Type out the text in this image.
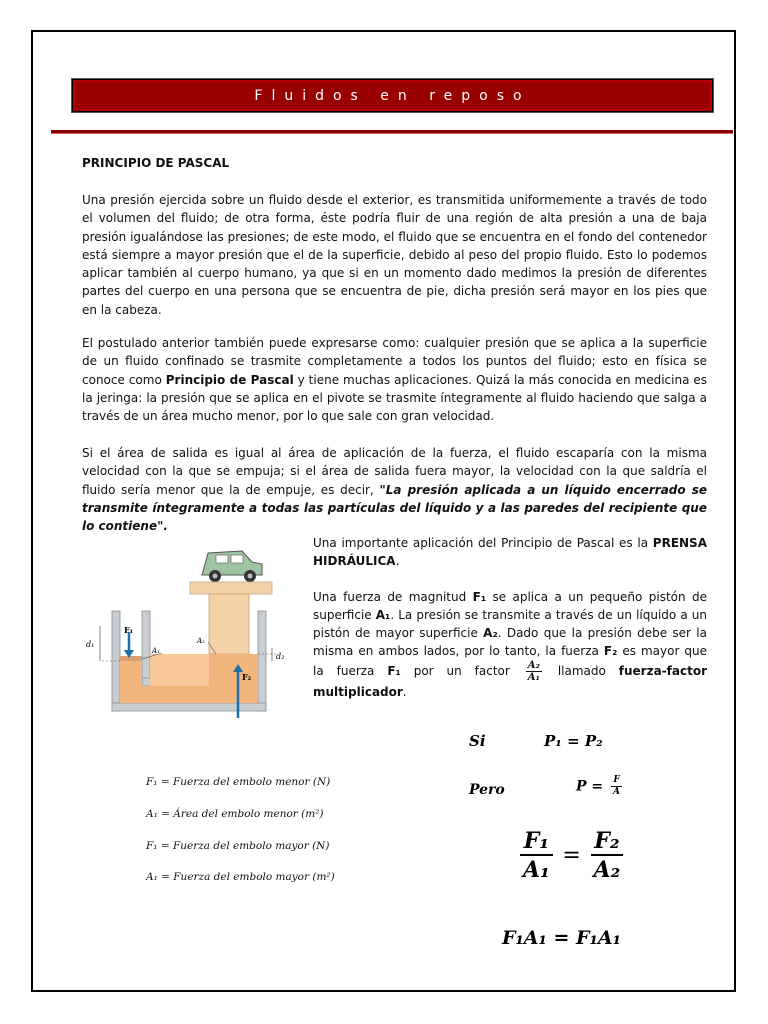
Fluidos en reposo
PRINCIPIO DE PASCAL

Una presión ejercida sobre un fluido desde el exterior, es transmitida uniformemente a través de todo el volumen del fluido; de otra forma, éste podría fluir de una región de alta presión a una de baja presión igualándose las presiones; de este modo, el fluido que se encuentra en el fondo del contenedor está siempre a mayor presión que el de la superficie, debido al peso del propio fluido. Esto lo podemos aplicar también al cuerpo humano, ya que si en un momento dado medimos la presión de diferentes partes del cuerpo en una persona que se encuentra de pie, dicha presión será mayor en los pies que en la cabeza.

El postulado anterior también puede expresarse como: cualquier presión que se aplica a la superficie de un fluido confinado se trasmite completamente a todos los puntos del fluido; esto en física se conoce como Principio de Pascal y tiene muchas aplicaciones. Quizá la más conocida en medicina es la jeringa: la presión que se aplica en el pivote se trasmite íntegramente al fluido haciendo que salga a través de un área mucho menor, por lo que sale con gran velocidad.

Si el área de salida es igual al área de aplicación de la fuerza, el fluido escaparía con la misma velocidad con la que se empuja; si el área de salida fuera mayor, la velocidad con la que saldría el fluido sería menor que la de empuje, es decir, "La presión aplicada a un líquido encerrado se transmite íntegramente a todas las partículas del líquido y a las paredes del recipiente que lo contiene".

d₁
d₂
F₁
A₁
A₂
F₂

Una importante aplicación del Principio de Pascal es la PRENSA HIDRÁULICA.

Una fuerza de magnitud F₁ se aplica a un pequeño pistón de superficie A₁. La presión se transmite a través de un líquido a un pistón de mayor superficie A₂. Dado que la presión debe ser la misma en ambos lados, por lo tanto, la fuerza F₂ es mayor que la fuerza F₁ por un factor $\frac{\text{A₂}}{\text{A₁}}$ llamado fuerza-factor multiplicador.

Si	P₁ = P₂
Pero	$P = \frac{F}{A}$
$\frac{\text{F₁}}{\text{A₁}} = \frac{\text{F₂}}{\text{A₂}}$
F₁A₁ = F₁A₁
F₁ = Fuerza del embolo menor (N)
A₁ = Área del embolo menor (m²)
F₁ = Fuerza del embolo mayor (N)
A₁ = Fuerza del embolo mayor (m²)
